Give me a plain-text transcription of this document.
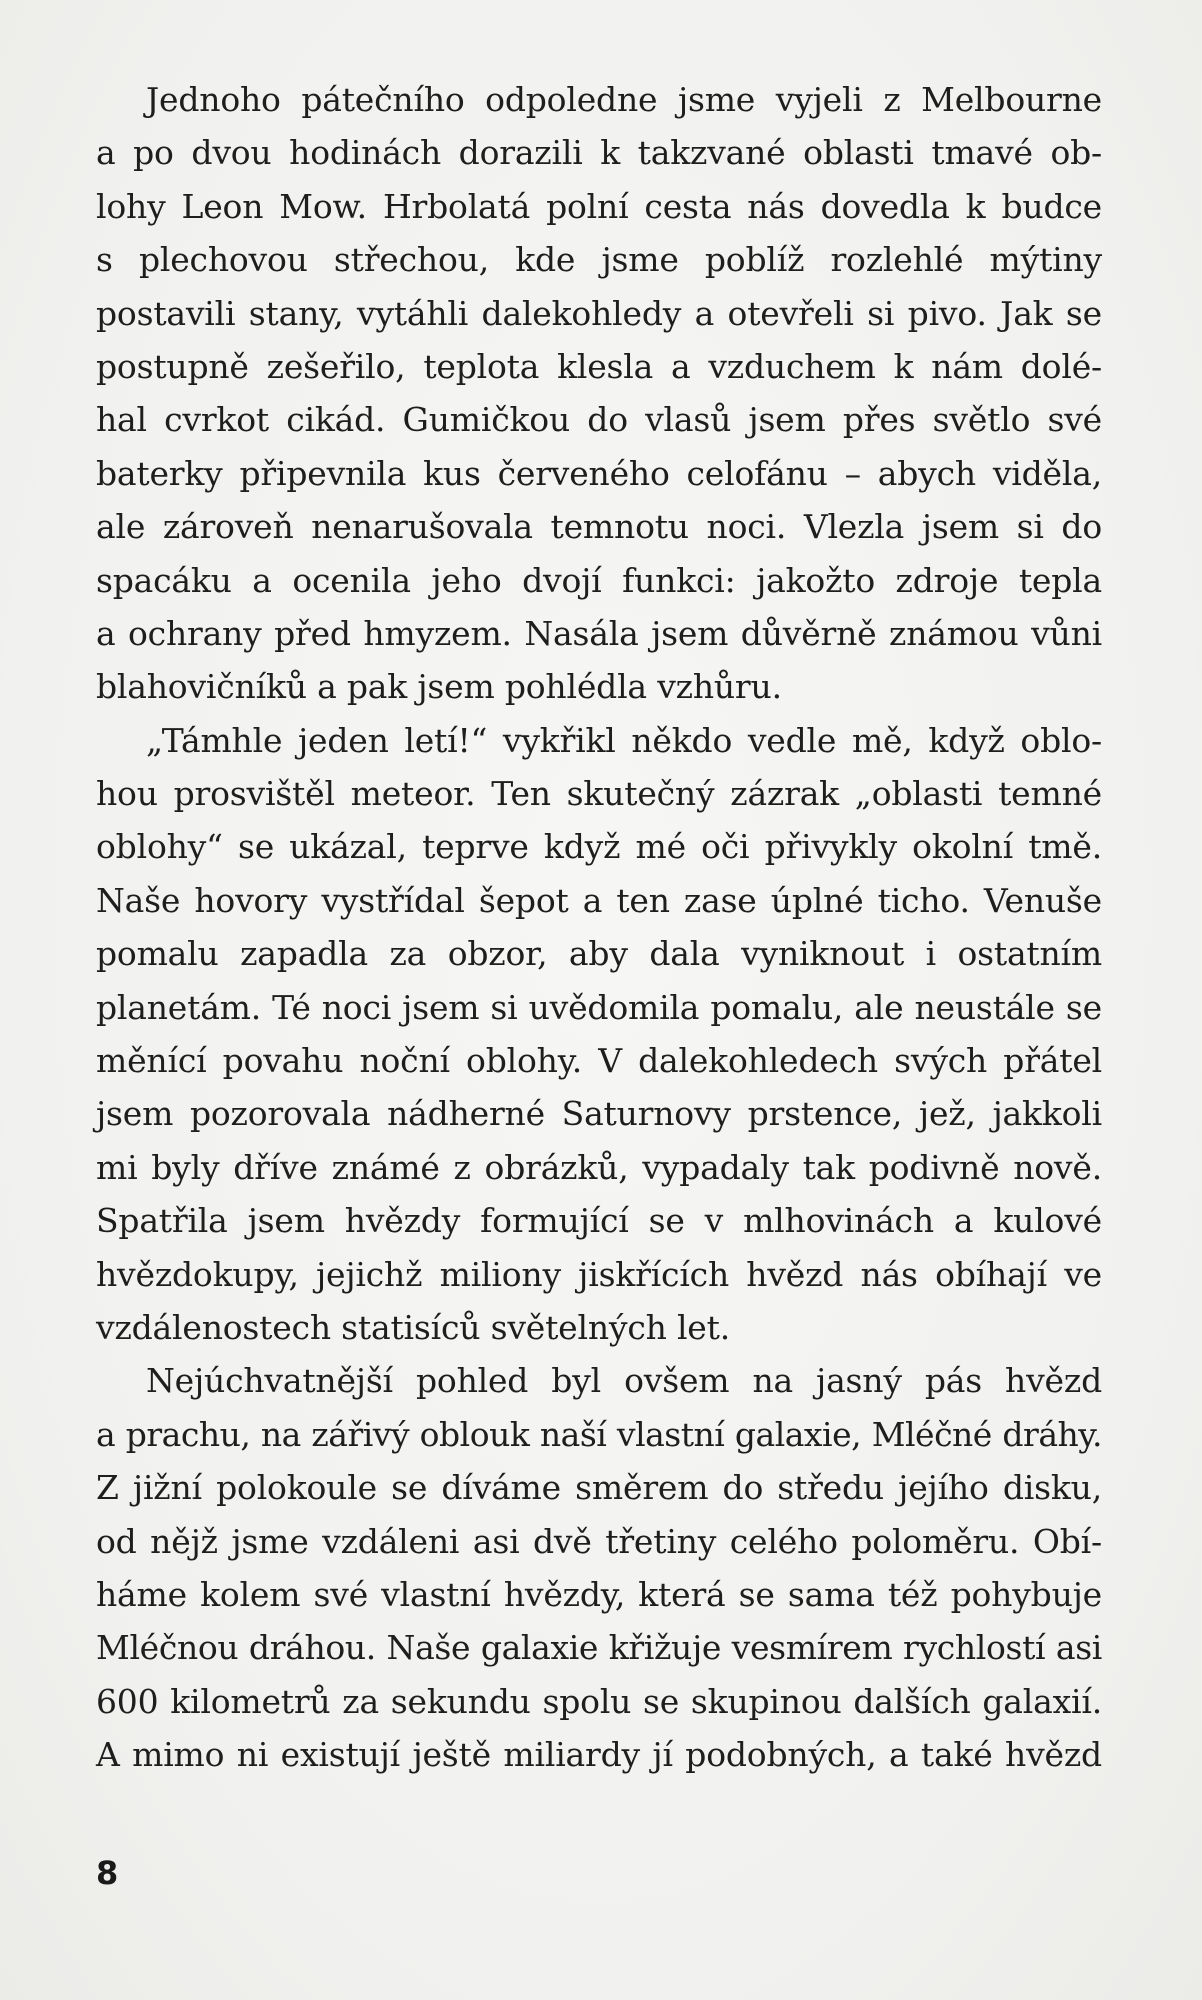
Jednoho pátečního odpoledne jsme vyjeli z Melbourne
a po dvou hodinách dorazili k takzvané oblasti tmavé ob-
lohy Leon Mow. Hrbolatá polní cesta nás dovedla k budce
s plechovou střechou, kde jsme poblíž rozlehlé mýtiny
postavili stany, vytáhli dalekohledy a otevřeli si pivo. Jak se
postupně zešeřilo, teplota klesla a vzduchem k nám dolé-
hal cvrkot cikád. Gumičkou do vlasů jsem přes světlo své
baterky připevnila kus červeného celofánu – abych viděla,
ale zároveň nenarušovala temnotu noci. Vlezla jsem si do
spacáku a ocenila jeho dvojí funkci: jakožto zdroje tepla
a ochrany před hmyzem. Nasála jsem důvěrně známou vůni
blahovičníků a pak jsem pohlédla vzhůru.
„Támhle jeden letí!“ vykřikl někdo vedle mě, když oblo-
hou prosvištěl meteor. Ten skutečný zázrak „oblasti temné
oblohy“ se ukázal, teprve když mé oči přivykly okolní tmě.
Naše hovory vystřídal šepot a ten zase úplné ticho. Venuše
pomalu zapadla za obzor, aby dala vyniknout i ostatním
planetám. Té noci jsem si uvědomila pomalu, ale neustále se
měnící povahu noční oblohy. V dalekohledech svých přátel
jsem pozorovala nádherné Saturnovy prstence, jež, jakkoli
mi byly dříve známé z obrázků, vypadaly tak podivně nově.
Spatřila jsem hvězdy formující se v mlhovinách a kulové
hvězdokupy, jejichž miliony jiskřících hvězd nás obíhají ve
vzdálenostech statisíců světelných let.
Nejúchvatnější pohled byl ovšem na jasný pás hvězd
a prachu, na zářivý oblouk naší vlastní galaxie, Mléčné dráhy.
Z jižní polokoule se díváme směrem do středu jejího disku,
od nějž jsme vzdáleni asi dvě třetiny celého poloměru. Obí-
háme kolem své vlastní hvězdy, která se sama též pohybuje
Mléčnou dráhou. Naše galaxie křižuje vesmírem rychlostí asi
600 kilometrů za sekundu spolu se skupinou dalších galaxií.
A mimo ni existují ještě miliardy jí podobných, a také hvězd
8
